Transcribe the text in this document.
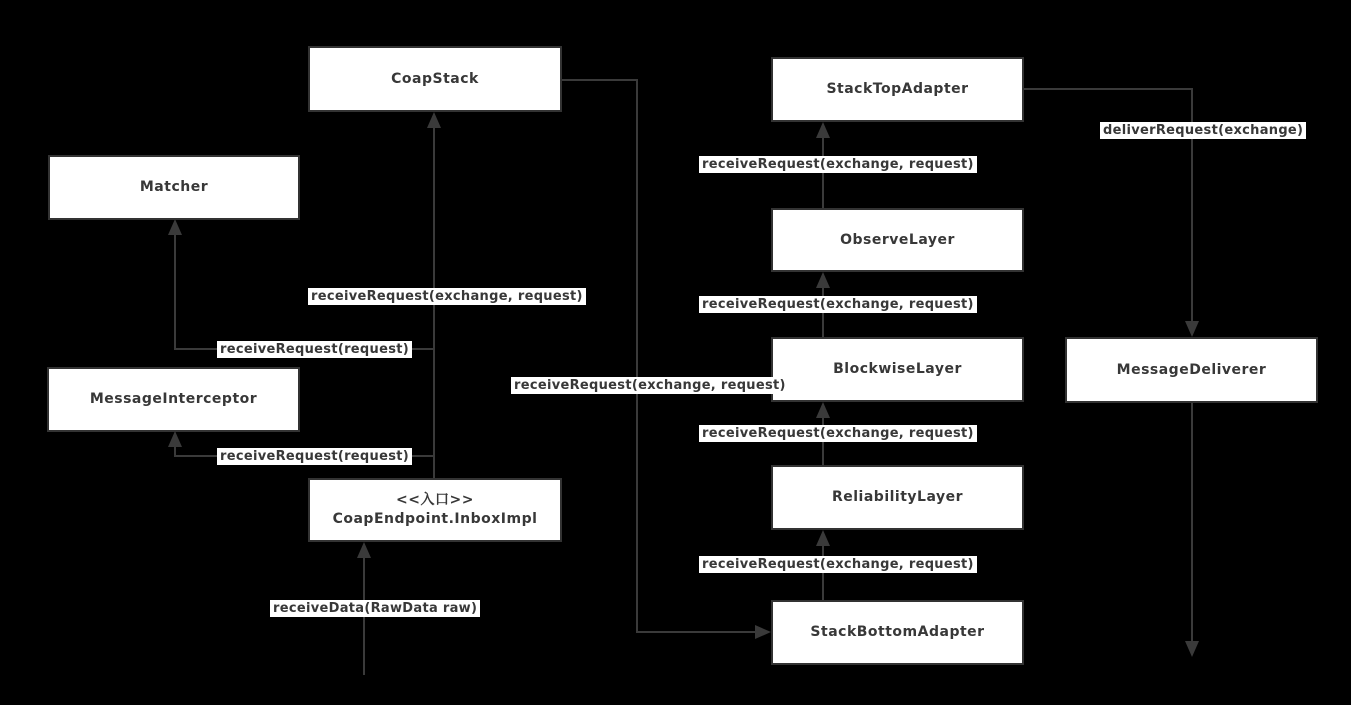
CoapStack
Matcher
MessageInterceptor
<<入口>>
CoapEndpoint.InboxImpl
StackTopAdapter
ObserveLayer
BlockwiseLayer
ReliabilityLayer
StackBottomAdapter
MessageDeliverer
receiveRequest(exchange, request)
receiveRequest(request)
receiveRequest(request)
receiveData(RawData raw)
receiveRequest(exchange, request)
receiveRequest(exchange, request)
receiveRequest(exchange, request)
receiveRequest(exchange, request)
receiveRequest(exchange, request)
deliverRequest(exchange)
